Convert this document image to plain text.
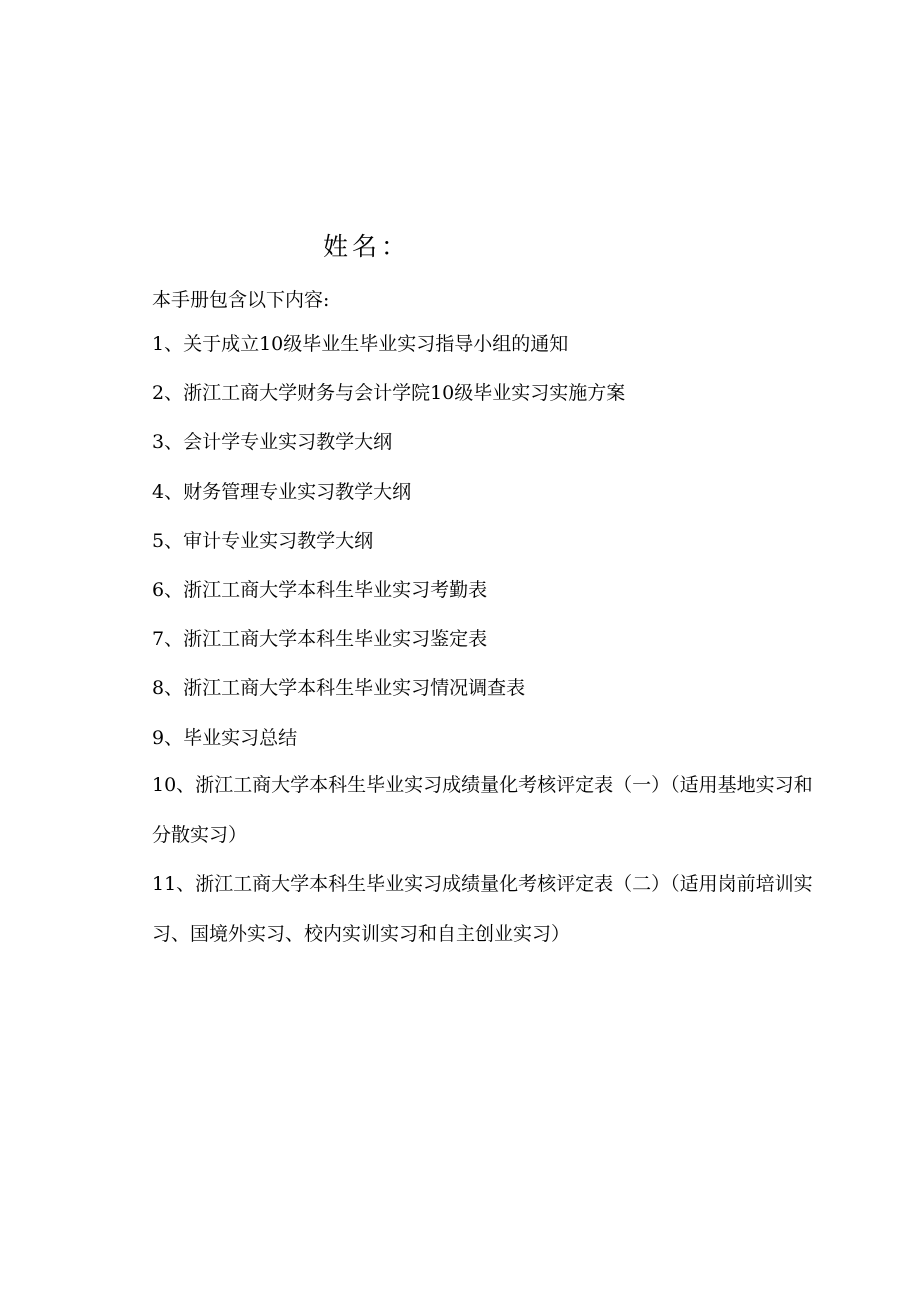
姓名：
本手册包含以下内容:
1、关于成立10级毕业生毕业实习指导小组的通知
2、浙江工商大学财务与会计学院10级毕业实习实施方案
3、会计学专业实习教学大纲
4、财务管理专业实习教学大纲
5、审计专业实习教学大纲
6、浙江工商大学本科生毕业实习考勤表
7、浙江工商大学本科生毕业实习鉴定表
8、浙江工商大学本科生毕业实习情况调查表
9、毕业实习总结
10、浙江工商大学本科生毕业实习成绩量化考核评定表（一）（适用基地实习和分散实习）
11、浙江工商大学本科生毕业实习成绩量化考核评定表（二）（适用岗前培训实习、国境外实习、校内实训实习和自主创业实习）
